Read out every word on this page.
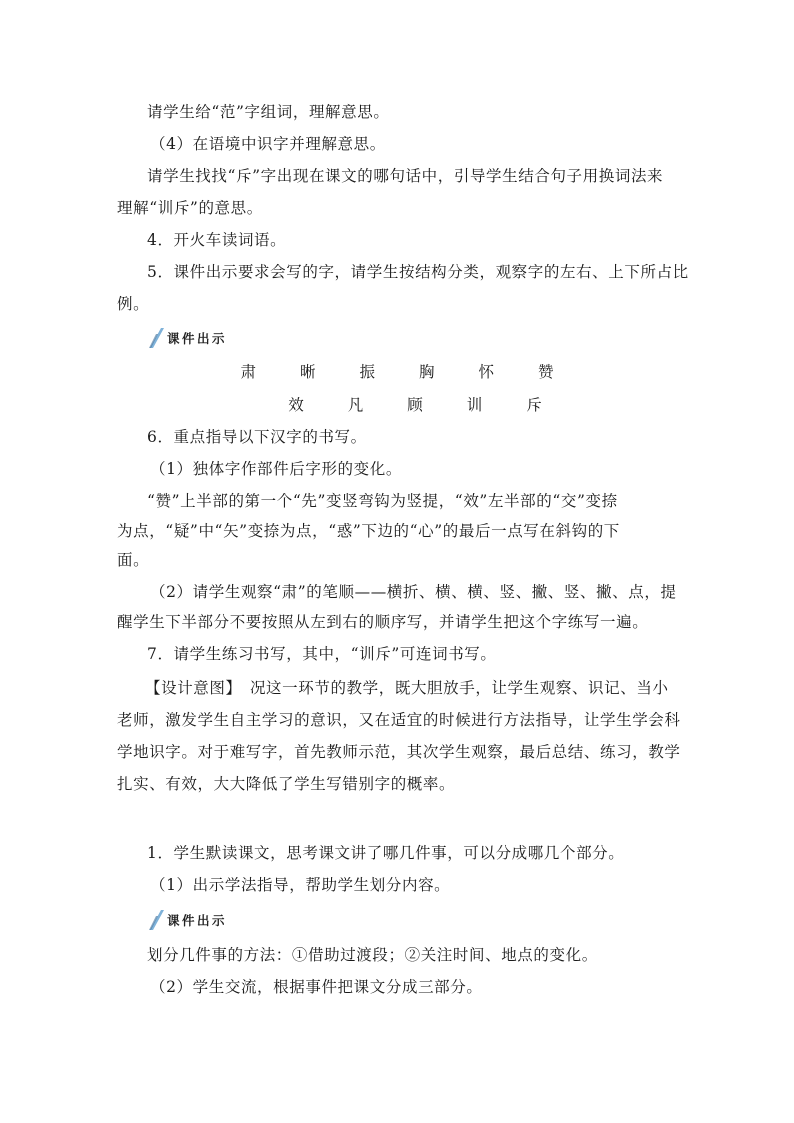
请学生给“范”字组词，理解意思。
（4）在语境中识字并理解意思。
请学生找找“斥”字出现在课文的哪句话中，引导学生结合句子用换词法来
理解“训斥”的意思。
4．开火车读词语。
5．课件出示要求会写的字，请学生按结构分类，观察字的左右、上下所占比
例。
课件出示
肃	晰	振	胸	怀	赞
效	凡	顾	训	斥
6．重点指导以下汉字的书写。
（1）独体字作部件后字形的变化。
“赞”上半部的第一个“先”变竖弯钩为竖提，“效”左半部的“交”变捺
为点，“疑”中“矢”变捺为点，“惑”下边的“心”的最后一点写在斜钩的下
面。
（2）请学生观察“肃”的笔顺——横折、横、横、竖、撇、竖、撇、点，提
醒学生下半部分不要按照从左到右的顺序写，并请学生把这个字练写一遍。
7．请学生练习书写，其中，“训斥”可连词书写。
【设计意图】　况这一环节的教学，既大胆放手，让学生观察、识记、当小
老师，激发学生自主学习的意识，又在适宜的时候进行方法指导，让学生学会科
学地识字。对于难写字，首先教师示范，其次学生观察，最后总结、练习，教学
扎实、有效，大大降低了学生写错别字的概率。
1．学生默读课文，思考课文讲了哪几件事，可以分成哪几个部分。
（1）出示学法指导，帮助学生划分内容。
课件出示
划分几件事的方法：①借助过渡段；②关注时间、地点的变化。
（2）学生交流，根据事件把课文分成三部分。
